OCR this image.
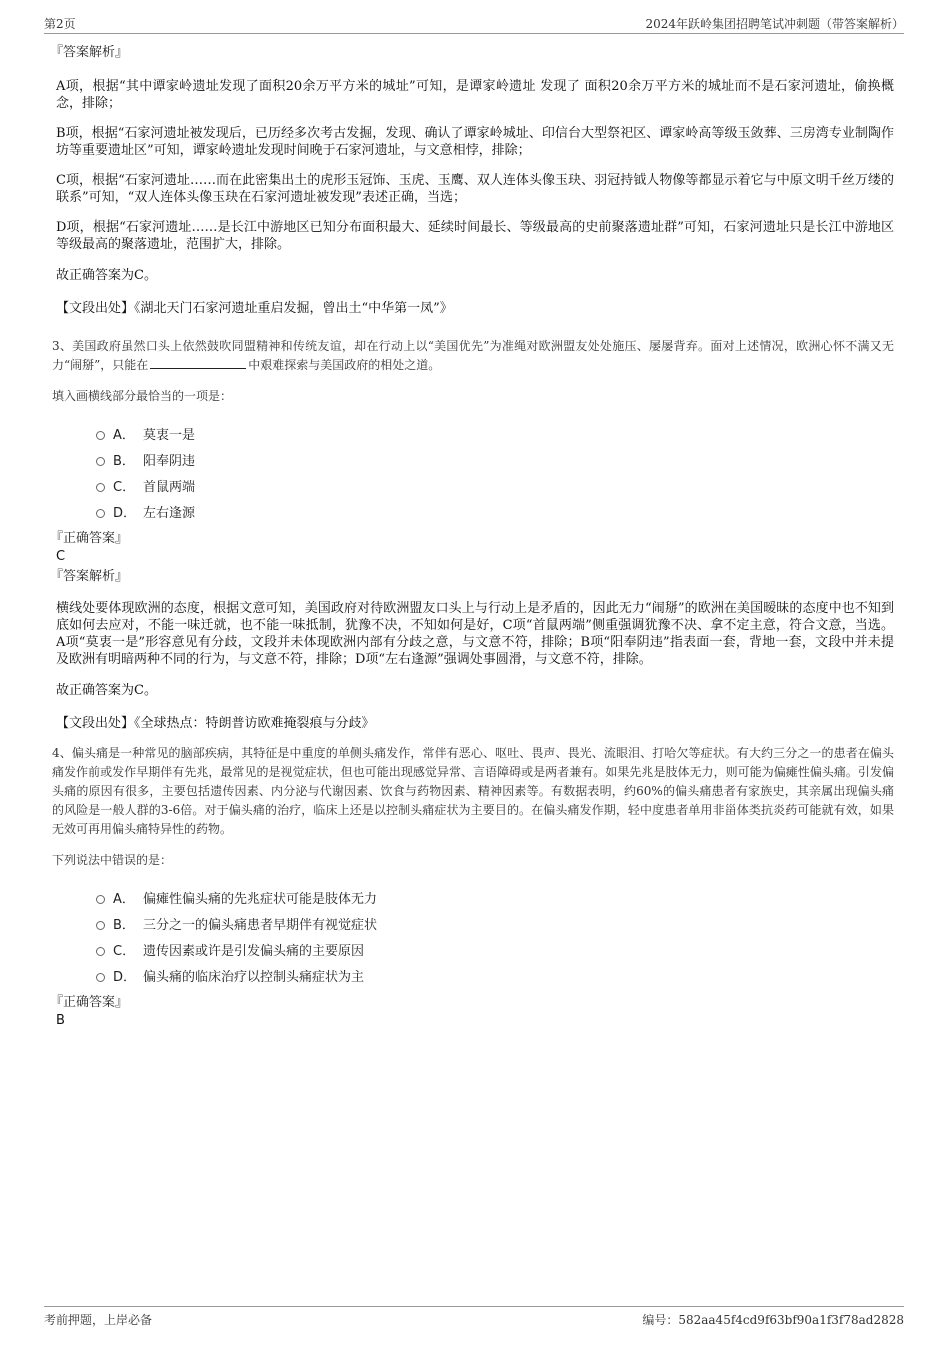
第2页	2024年跃岭集团招聘笔试冲刺题（带答案解析）
『答案解析』
A项，根据“其中谭家岭遗址发现了面积20余万平方米的城址”可知，是谭家岭遗址 发现了 面积20余万平方米的城址而不是石家河遗址，偷换概念，排除；
B项，根据“石家河遗址被发现后，已历经多次考古发掘，发现、确认了谭家岭城址、印信台大型祭祀区、谭家岭高等级玉敛葬、三房湾专业制陶作坊等重要遗址区”可知，谭家岭遗址发现时间晚于石家河遗址，与文意相悖，排除；
C项，根据“石家河遗址……而在此密集出土的虎形玉冠饰、玉虎、玉鹰、双人连体头像玉玦、羽冠持钺人物像等都显示着它与中原文明千丝万缕的联系”可知，“双人连体头像玉玦在石家河遗址被发现”表述正确，当选；
D项，根据“石家河遗址……是长江中游地区已知分布面积最大、延续时间最长、等级最高的史前聚落遗址群”可知，石家河遗址只是长江中游地区等级最高的聚落遗址，范围扩大，排除。
故正确答案为C。
【文段出处】《湖北天门石家河遗址重启发掘，曾出土“中华第一凤”》
3、美国政府虽然口头上依然鼓吹同盟精神和传统友谊，却在行动上以“美国优先”为准绳对欧洲盟友处处施压、屡屡背弃。面对上述情况，欧洲心怀不满又无力“闹掰”，只能在	中艰难探索与美国政府的相处之道。
填入画横线部分最恰当的一项是：
A． 莫衷一是
B． 阳奉阴违
C． 首鼠两端
D． 左右逢源
『正确答案』
C
『答案解析』
横线处要体现欧洲的态度，根据文意可知，美国政府对待欧洲盟友口头上与行动上是矛盾的，因此无力“闹掰”的欧洲在美国暧昧的态度中也不知到底如何去应对，不能一味迁就，也不能一味抵制，犹豫不决，不知如何是好，C项“首鼠两端”侧重强调犹豫不决、拿不定主意，符合文意，当选。A项“莫衷一是”形容意见有分歧，文段并未体现欧洲内部有分歧之意，与文意不符，排除；B项“阳奉阴违”指表面一套，背地一套，文段中并未提及欧洲有明暗两种不同的行为，与文意不符，排除；D项“左右逢源”强调处事圆滑，与文意不符，排除。
故正确答案为C。
【文段出处】《全球热点：特朗普访欧难掩裂痕与分歧》
4、偏头痛是一种常见的脑部疾病，其特征是中重度的单侧头痛发作，常伴有恶心、呕吐、畏声、畏光、流眼泪、打哈欠等症状。有大约三分之一的患者在偏头痛发作前或发作早期伴有先兆，最常见的是视觉症状，但也可能出现感觉异常、言语障碍或是两者兼有。如果先兆是肢体无力，则可能为偏瘫性偏头痛。引发偏头痛的原因有很多，主要包括遗传因素、内分泌与代谢因素、饮食与药物因素、精神因素等。有数据表明，约60%的偏头痛患者有家族史，其亲属出现偏头痛的风险是一般人群的3-6倍。对于偏头痛的治疗，临床上还是以控制头痛症状为主要目的。在偏头痛发作期，轻中度患者单用非甾体类抗炎药可能就有效，如果无效可再用偏头痛特异性的药物。
下列说法中错误的是：
A． 偏瘫性偏头痛的先兆症状可能是肢体无力
B． 三分之一的偏头痛患者早期伴有视觉症状
C． 遗传因素或许是引发偏头痛的主要原因
D． 偏头痛的临床治疗以控制头痛症状为主
『正确答案』
B
考前押题，上岸必备	编号：582aa45f4cd9f63bf90a1f3f78ad2828
